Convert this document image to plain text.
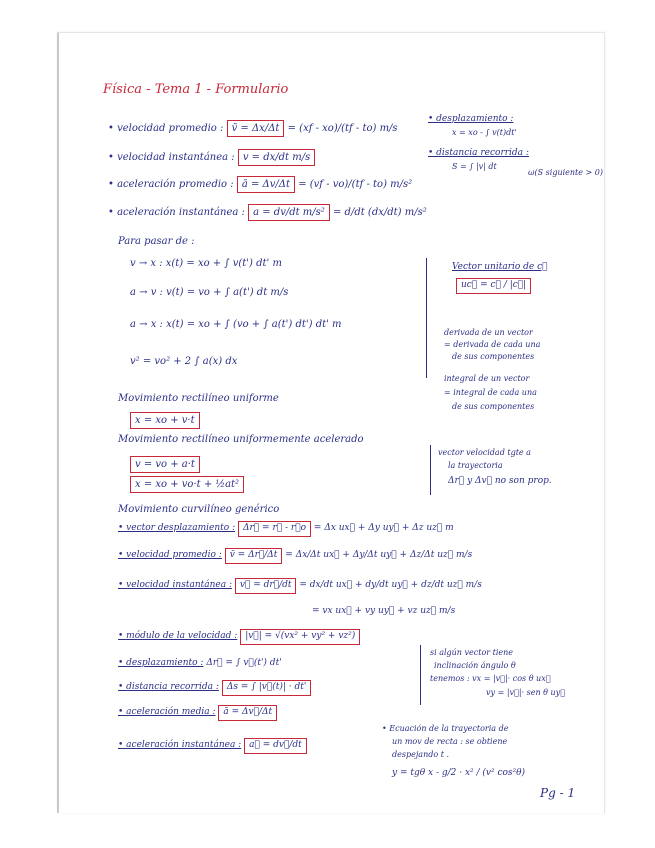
Física - Tema 1 - Formulario
• velocidad promedio : v̄ = Δx/Δt = (xf - xo)/(tf - to) m/s
• velocidad instantánea : v = dx/dt m/s
• aceleración promedio : ā = Δv/Δt = (vf - vo)/(tf - to) m/s²
• aceleración instantánea : a = dv/dt m/s² = d/dt (dx/dt) m/s²
Para pasar de :
v → x : x(t) = xo + ∫ v(t') dt' m
a → v : v(t) = vo + ∫ a(t') dt m/s
a → x : x(t) = xo + ∫ (vo + ∫ a(t') dt') dt' m
v² = vo² + 2 ∫ a(x) dx
Movimiento rectilíneo uniforme
x = xo + v·t
Movimiento rectilíneo uniformemente acelerado
v = vo + a·t
x = xo + vo·t + ½at²
Movimiento curvilíneo genérico
• vector desplazamiento : Δr⃗ = r⃗ - r⃗o = Δx ux⃗ + Δy uy⃗ + Δz uz⃗ m
• velocidad promedio : v̄ = Δr⃗/Δt = Δx/Δt ux⃗ + Δy/Δt uy⃗ + Δz/Δt uz⃗ m/s
• velocidad instantánea : v⃗ = dr⃗/dt = dx/dt ux⃗ + dy/dt uy⃗ + dz/dt uz⃗ m/s
= vx ux⃗ + vy uy⃗ + vz uz⃗ m/s
• módulo de la velocidad : |v⃗| = √(vx² + vy² + vz²)
• desplazamiento : Δr⃗ = ∫ v⃗(t') dt'
• distancia recorrida : Δs = ∫ |v⃗(t)| · dt'
• aceleración media : ā = Δv⃗/Δt
• aceleración instantánea : a⃗ = dv⃗/dt
• desplazamiento :
x = xo - ∫ v(t)dt'
• distancia recorrida :
S = ∫ |v| dt
ω(S siguiente > 0)
Vector unitario de c⃗
uc⃗ = c⃗ / |c⃗|
derivada de un vector
= derivada de cada una
de sus componentes
integral de un vector
= integral de cada una
de sus componentes
vector velocidad tgte a
la trayectoria
Δr⃗ y Δv⃗ no son prop.
si algún vector tiene
inclinación ángulo θ
tenemos : vx = |v⃗|· cos θ ux⃗
vy = |v⃗|· sen θ uy⃗
• Ecuación de la trayectoria de
un mov de recta : se obtiene
despejando t .
y = tgθ x - g/2 · x² / (v² cos²θ)
Pg - 1
